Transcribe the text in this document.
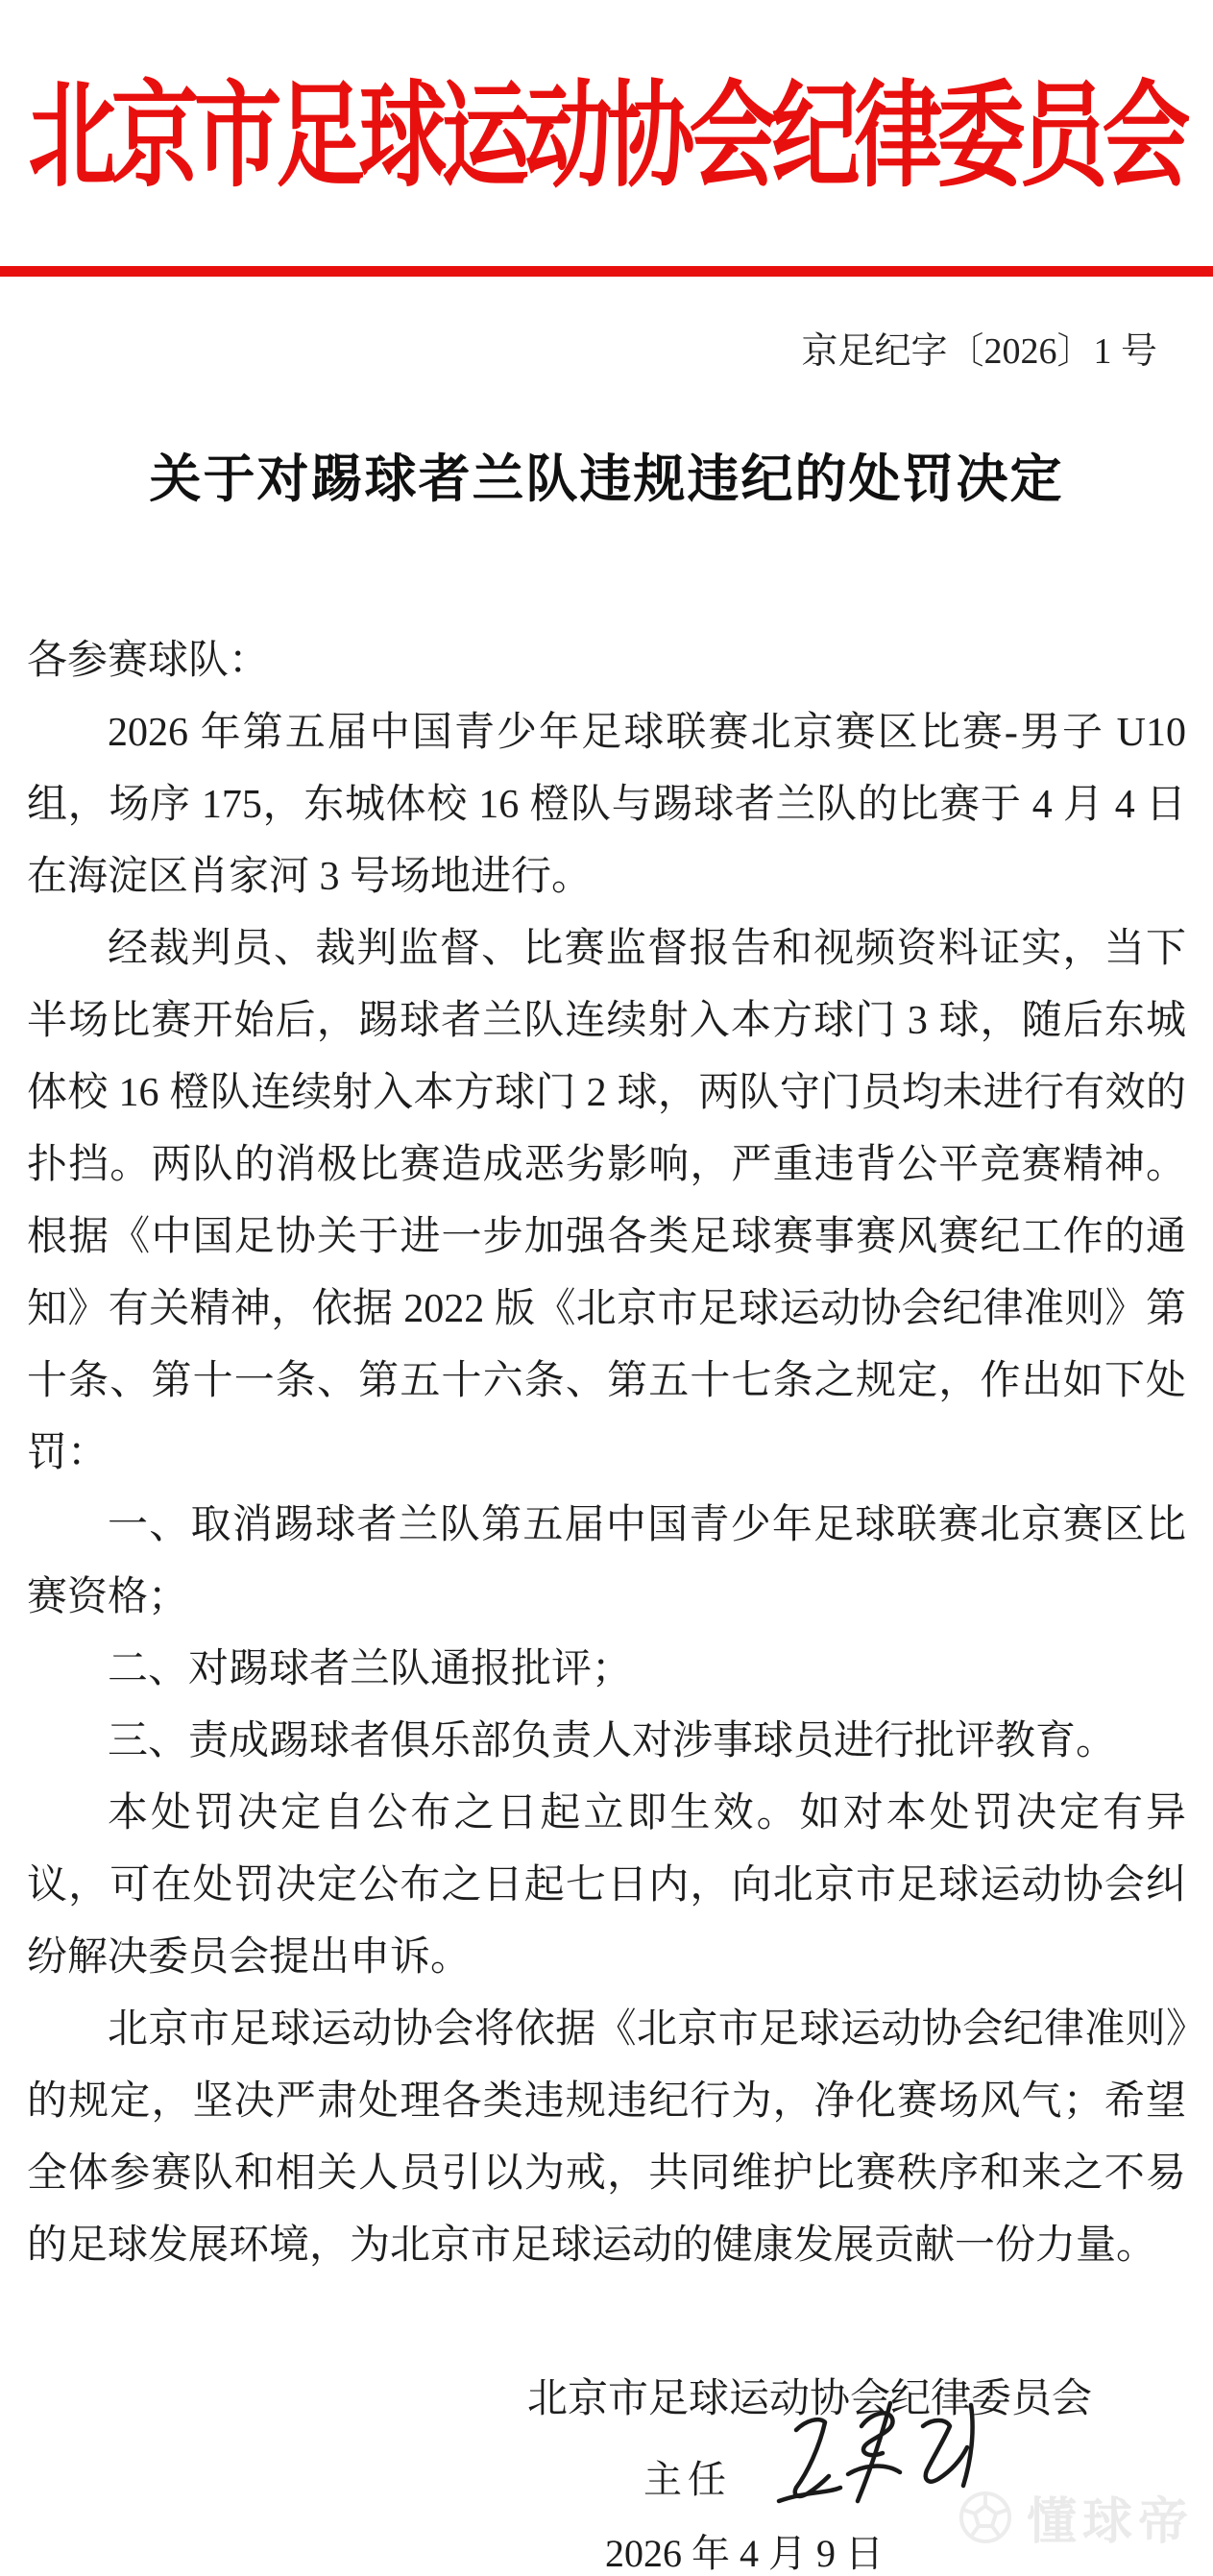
北京市足球运动协会纪律委员会
京足纪字〔2026〕1 号
关于对踢球者兰队违规违纪的处罚决定

各参赛球队：

2026 年第五届中国青少年足球联赛北京赛区比赛-男子 U10 组，场序 175，东城体校 16 橙队与踢球者兰队的比赛于 4 月 4 日在海淀区肖家河 3 号场地进行。

经裁判员、裁判监督、比赛监督报告和视频资料证实，当下半场比赛开始后，踢球者兰队连续射入本方球门 3 球，随后东城体校 16 橙队连续射入本方球门 2 球，两队守门员均未进行有效的扑挡。两队的消极比赛造成恶劣影响，严重违背公平竞赛精神。根据《中国足协关于进一步加强各类足球赛事赛风赛纪工作的通知》有关精神，依据 2022 版《北京市足球运动协会纪律准则》第十条、第十一条、第五十六条、第五十七条之规定，作出如下处罚：

一、取消踢球者兰队第五届中国青少年足球联赛北京赛区比赛资格；

二、对踢球者兰队通报批评；

三、责成踢球者俱乐部负责人对涉事球员进行批评教育。

本处罚决定自公布之日起立即生效。如对本处罚决定有异议，可在处罚决定公布之日起七日内，向北京市足球运动协会纠纷解决委员会提出申诉。

北京市足球运动协会将依据《北京市足球运动协会纪律准则》的规定，坚决严肃处理各类违规违纪行为，净化赛场风气；希望全体参赛队和相关人员引以为戒，共同维护比赛秩序和来之不易的足球发展环境，为北京市足球运动的健康发展贡献一份力量。

北京市足球运动协会纪律委员会
主任
2026 年 4 月 9 日
懂球帝
